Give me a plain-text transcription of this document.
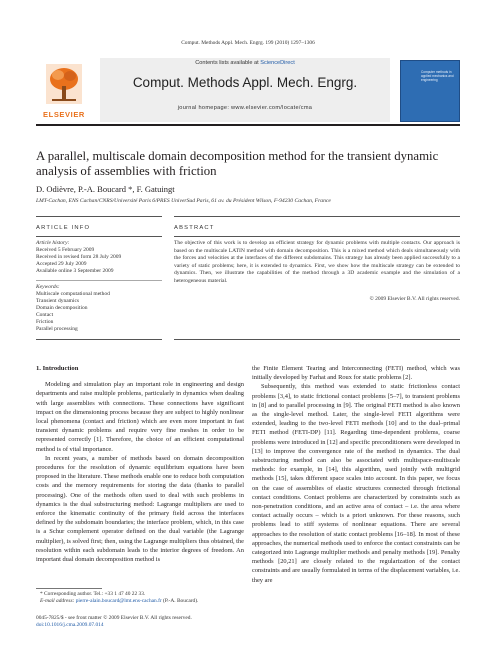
Comput. Methods Appl. Mech. Engrg. 199 (2010) 1297–1306
ELSEVIER
Contents lists available at ScienceDirect
Comput. Methods Appl. Mech. Engrg.
journal homepage: www.elsevier.com/locate/cma
Computer methods in applied mechanics and engineering
A parallel, multiscale domain decomposition method for the transient dynamic analysis of assemblies with friction
D. Odièvre, P.-A. Boucard *, F. Gatuingt
LMT-Cachan, ENS Cachan/CNRS/Université Paris 6/PRES UniverSud Paris, 61 av. du Président Wilson, F-94230 Cachan, France
ARTICLE INFO	ABSTRACT
Article history:
Received 5 February 2009
Received in revised form 28 July 2009
Accepted 29 July 2009
Available online 3 September 2009
Keywords:
Multiscale computational method
Transient dynamics
Domain decomposition
Contact
Friction
Parallel processing
The objective of this work is to develop an efficient strategy for dynamic problems with multiple contacts. Our approach is based on the multiscale LATIN method with domain decomposition. This is a mixed method which deals simultaneously with the forces and velocities at the interfaces of the different subdomains. This strategy has already been applied successfully to a variety of static problems; here, it is extended to dynamics. First, we show how the multiscale strategy can be extended to dynamics. Then, we illustrate the capabilities of the method through a 3D academic example and the simulation of a heterogeneous material.
© 2009 Elsevier B.V. All rights reserved.
1. Introduction

Modeling and simulation play an important role in engineering and design departments and raise multiple problems, particularly in dynamics when dealing with large assemblies with connections. These connections have significant impact on the dimensioning process because they are subject to highly nonlinear local phenomena (contact and friction) which are even more important in fast transient dynamic problems and require very fine meshes in order to be represented correctly [1]. Therefore, the choice of an efficient computational method is of vital importance.

In recent years, a number of methods based on domain decomposition procedures for the resolution of dynamic equilibrium equations have been proposed in the literature. These methods enable one to reduce both computation costs and the memory requirements for storing the data (thanks to parallel processing). One of the methods often used to deal with such problems in dynamics is the dual substructuring method: Lagrange multipliers are used to enforce the kinematic continuity of the primary field across the interfaces defined by the subdomain boundaries; the interface problem, which, in this case is a Schur complement operator defined on the dual variable (the Lagrange multiplier), is solved first; then, using the Lagrange multipliers thus obtained, the resolution within each subdomain leads to the interior degrees of freedom. An important dual domain decomposition method is

the Finite Element Tearing and Interconnecting (FETI) method, which was initially developed by Farhat and Roux for static problems [2].

Subsequently, this method was extended to static frictionless contact problems [3,4], to static frictional contact problems [5–7], to transient problems in [8] and to parallel processing in [9]. The original FETI method is also known as the single-level method. Later, the single-level FETI algorithms were extended, leading to the two-level FETI methods [10] and to the dual–primal FETI method (FETI-DP) [11]. Regarding time-dependent problems, coarse problems were introduced in [12] and specific preconditioners were developed in [13] to improve the convergence rate of the method in dynamics. The dual substructuring method can also be associated with multispace-multiscale methods: for example, in [14], this algorithm, used jointly with multigrid methods [15], takes different space scales into account. In this paper, we focus on the case of assemblies of elastic structures connected through frictional contact conditions. Contact problems are characterized by constraints such as non-penetration conditions, and an active area of contact – i.e. the area where contact actually occurs – which is a priori unknown. For these reasons, such problems lead to stiff systems of nonlinear equations. There are several approaches to the resolution of static contact problems [16–18]. In most of these approaches, the numerical methods used to enforce the contact constraints can be categorized into Lagrange multiplier methods and penalty methods [19]. Penalty methods [20,21] are closely related to the regularization of the contact constraints and are usually formulated in terms of the displacement variables, i.e. they are

* Corresponding author. Tel.: +33 1 47 40 22 33.
E-mail address: pierre-alain.boucard@lmt.ens-cachan.fr (P.-A. Boucard).
0045-7825/$ - see front matter © 2009 Elsevier B.V. All rights reserved.
doi:10.1016/j.cma.2009.07.014
